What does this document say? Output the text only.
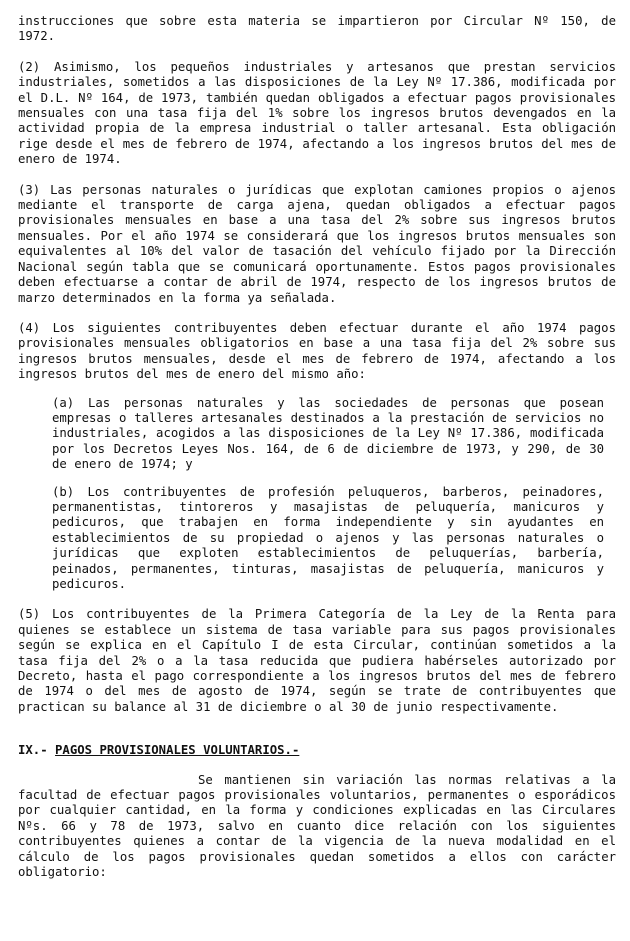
instrucciones que sobre esta materia se impartieron por Circular Nº 150, de 1972.

(2) Asimismo, los pequeños industriales y artesanos que prestan servicios industriales, sometidos a las disposiciones de la Ley Nº 17.386, modificada por el D.L. Nº 164, de 1973, también quedan obligados a efectuar pagos provisionales mensuales con una tasa fija del 1% sobre los ingresos brutos devengados en la actividad propia de la empresa industrial o taller artesanal. Esta obligación rige desde el mes de febrero de 1974, afectando a los ingresos brutos del mes de enero de 1974.

(3) Las personas naturales o jurídicas que explotan camiones propios o ajenos mediante el transporte de carga ajena, quedan obligados a efectuar pagos provisionales mensuales en base a una tasa del 2% sobre sus ingresos brutos mensuales. Por el año 1974 se considerará que los ingresos brutos mensuales son equivalentes al 10% del valor de tasación del vehículo fijado por la Dirección Nacional según tabla que se comunicará oportunamente. Estos pagos provisionales deben efectuarse a contar de abril de 1974, respecto de los ingresos brutos de marzo determinados en la forma ya señalada.

(4) Los siguientes contribuyentes deben efectuar durante el año 1974 pagos provisionales mensuales obligatorios en base a una tasa fija del 2% sobre sus ingresos brutos mensuales, desde el mes de febrero de 1974, afectando a los ingresos brutos del mes de enero del mismo año:

(a) Las personas naturales y las sociedades de personas que posean empresas o talleres artesanales destinados a la prestación de servicios no industriales, acogidos a las disposiciones de la Ley Nº 17.386, modificada por los Decretos Leyes Nos. 164, de 6 de diciembre de 1973, y 290, de 30 de enero de 1974; y

(b) Los contribuyentes de profesión peluqueros, barberos, peinadores, permanentistas, tintoreros y masajistas de peluquería, manicuros y pedicuros, que trabajen en forma independiente y sin ayudantes en establecimientos de su propiedad o ajenos y las personas naturales o jurídicas que exploten establecimientos de peluquerías, barbería, peinados, permanentes, tinturas, masajistas de peluquería, manicuros y pedicuros.

(5) Los contribuyentes de la Primera Categoría de la Ley de la Renta para quienes se establece un sistema de tasa variable para sus pagos provisionales según se explica en el Capítulo I de esta Circular, continúan sometidos a la tasa fija del 2% o a la tasa reducida que pudiera habérseles autorizado por Decreto, hasta el pago correspondiente a los ingresos brutos del mes de febrero de 1974 o del mes de agosto de 1974, según se trate de contribuyentes que practican su balance al 31 de diciembre o al 30 de junio respectivamente.

IX.- PAGOS PROVISIONALES VOLUNTARIOS.-

Se mantienen sin variación las normas relativas a la facultad de efectuar pagos provisionales voluntarios, permanentes o esporádicos por cualquier cantidad, en la forma y condiciones explicadas en las Circulares Nºs. 66 y 78 de 1973, salvo en cuanto dice relación con los siguientes contribuyentes quienes a contar de la vigencia de la nueva modalidad en el cálculo de los pagos provisionales quedan sometidos a ellos con carácter obligatorio:
